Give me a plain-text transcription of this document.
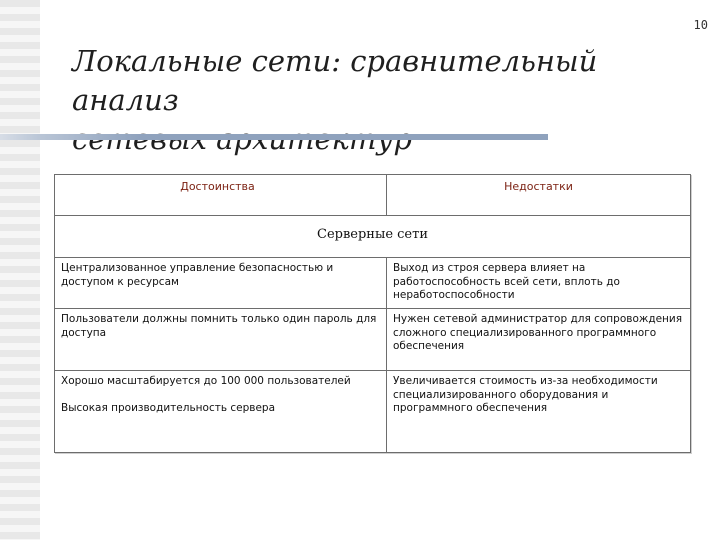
10
Локальные сети: сравнительный анализ
Достоинства	Недостатки
Серверные сети
Централизованное управление безопасностью и доступом к ресурсам
Выход из строя сервера влияет на работоспособность всей сети, вплоть до неработоспособности
Пользователи должны помнить только один пароль для доступа
Нужен сетевой администратор для сопровождения сложного специализированного программного обеспечения
Хорошо масштабируется до 100 000 пользователей
Высокая производительность сервера
Увеличивается стоимость из-за необходимости специализированного оборудования и программного обеспечения
